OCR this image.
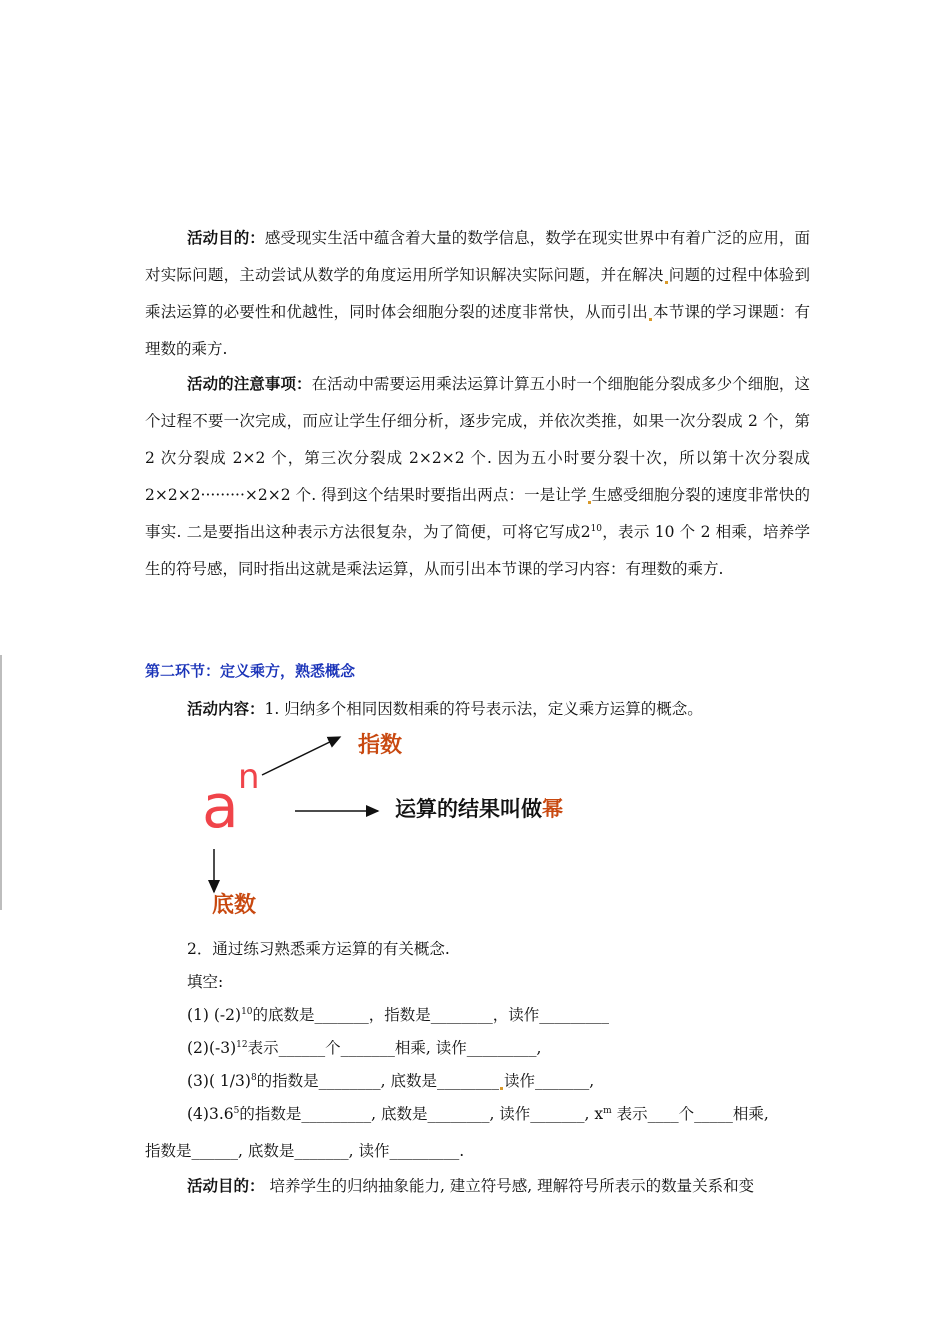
活动目的：感受现实生活中蕴含着大量的数学信息，数学在现实世界中有着广泛的应用，面对实际问题，主动尝试从数学的角度运用所学知识解决实际问题，并在解决 问题的过程中体验到乘法运算的必要性和优越性，同时体会细胞分裂的述度非常快，从而引出 本节课的学习课题：有理数的乘方.
活动的注意事项：在活动中需要运用乘法运算计算五小时一个细胞能分裂成多少个细胞，这个过程不要一次完成，而应让学生仔细分析，逐步完成，并依次类推，如果一次分裂成 2 个，第 2 次分裂成 2×2 个，第三次分裂成 2×2×2 个. 因为五小时要分裂十次，所以第十次分裂成 2×2×2·········×2×2 个. 得到这个结果时要指出两点：一是让学 生感受细胞分裂的速度非常快的事实. 二是要指出这种表示方法很复杂，为了简便，可将它写成$2^{10}$，表示 10 个 2 相乘，培养学生的符号感，同时指出这就是乘法运算，从而引出本节课的学习内容：有理数的乘方.
第二环节：定义乘方，熟悉概念

活动内容：1. 归纳多个相同因数相乘的符号表示法，定义乘方运算的概念。

a n
指数
底数
运算的结果叫做幂

2．通过练习熟悉乘方运算的有关概念.

填空:

(1) $(-2)^{10}$的底数是_______，指数是________，读作_________

$(2)(-3)^{12}$表示______个_______相乘, 读作_________,

(3)( 1/3)$^8$的指数是________, 底数是________ 读作_______,

$(4)3.6^5$的指数是_________, 底数是________, 读作_______, $x^m$ 表示____个_____相乘,

指数是______, 底数是_______, 读作_________.

活动目的： 培养学生的归纳抽象能力, 建立符号感, 理解符号所表示的数量关系和变
